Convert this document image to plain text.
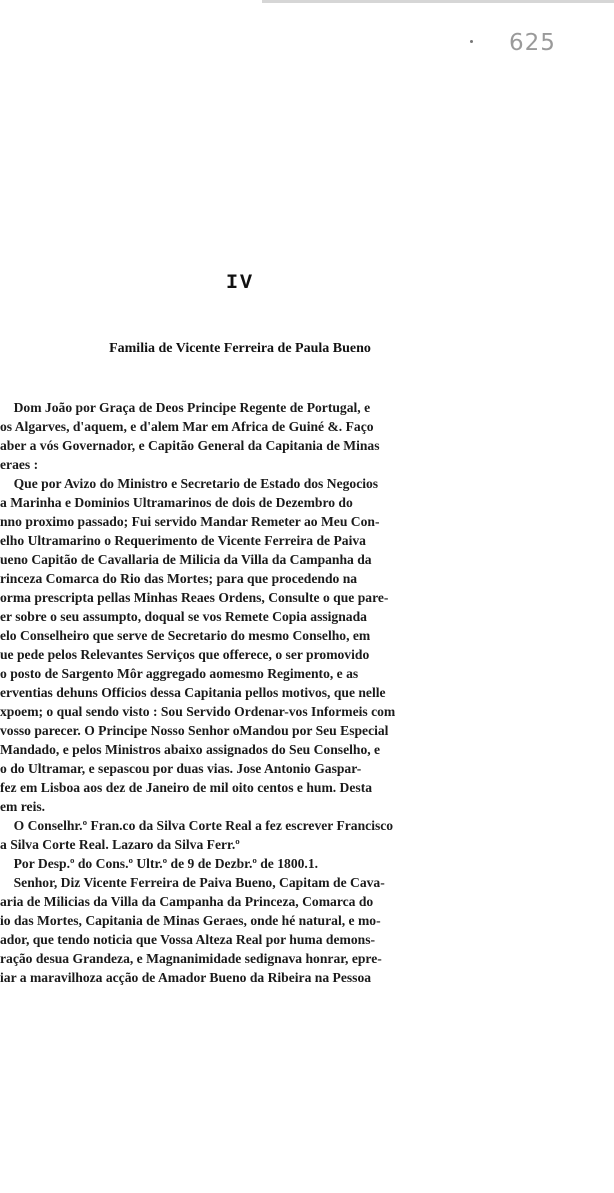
625
IV
Familia de Vicente Ferreira de Paula Bueno
Dom João por Graça de Deos Principe Regente de Portugal, e
os Algarves, d'aquem, e d'alem Mar em Africa de Guiné &. Faço
aber a vós Governador, e Capitão General da Capitania de Minas
eraes :
Que por Avizo do Ministro e Secretario de Estado dos Negocios
a Marinha e Dominios Ultramarinos de dois de Dezembro do
nno proximo passado; Fui servido Mandar Remeter ao Meu Con-
elho Ultramarino o Requerimento de Vicente Ferreira de Paiva
ueno Capitão de Cavallaria de Milicia da Villa da Campanha da
rinceza Comarca do Rio das Mortes; para que procedendo na
orma prescripta pellas Minhas Reaes Ordens, Consulte o que pare-
er sobre o seu assumpto, doqual se vos Remete Copia assignada
elo Conselheiro que serve de Secretario do mesmo Conselho, em
ue pede pelos Relevantes Serviços que offerece, o ser promovido
o posto de Sargento Môr aggregado aomesmo Regimento, e as
erventias dehuns Officios dessa Capitania pellos motivos, que nelle
xpoem; o qual sendo visto : Sou Servido Ordenar-vos Informeis com
vosso parecer. O Principe Nosso Senhor oMandou por Seu Especial
Mandado, e pelos Ministros abaixo assignados do Seu Conselho, e
o do Ultramar, e sepascou por duas vias. Jose Antonio Gaspar-
fez em Lisboa aos dez de Janeiro de mil oito centos e hum. Desta
em reis.
O Conselhr.º Fran.co da Silva Corte Real a fez escrever Francisco
a Silva Corte Real. Lazaro da Silva Ferr.º
Por Desp.º do Cons.º Ultr.º de 9 de Dezbr.º de 1800.1.
Senhor, Diz Vicente Ferreira de Paiva Bueno, Capitam de Cava-
aria de Milicias da Villa da Campanha da Princeza, Comarca do
io das Mortes, Capitania de Minas Geraes, onde hé natural, e mo-
ador, que tendo noticia que Vossa Alteza Real por huma demons-
ração desua Grandeza, e Magnanimidade sedignava honrar, epre-
iar a maravilhoza acção de Amador Bueno da Ribeira na Pessoa
